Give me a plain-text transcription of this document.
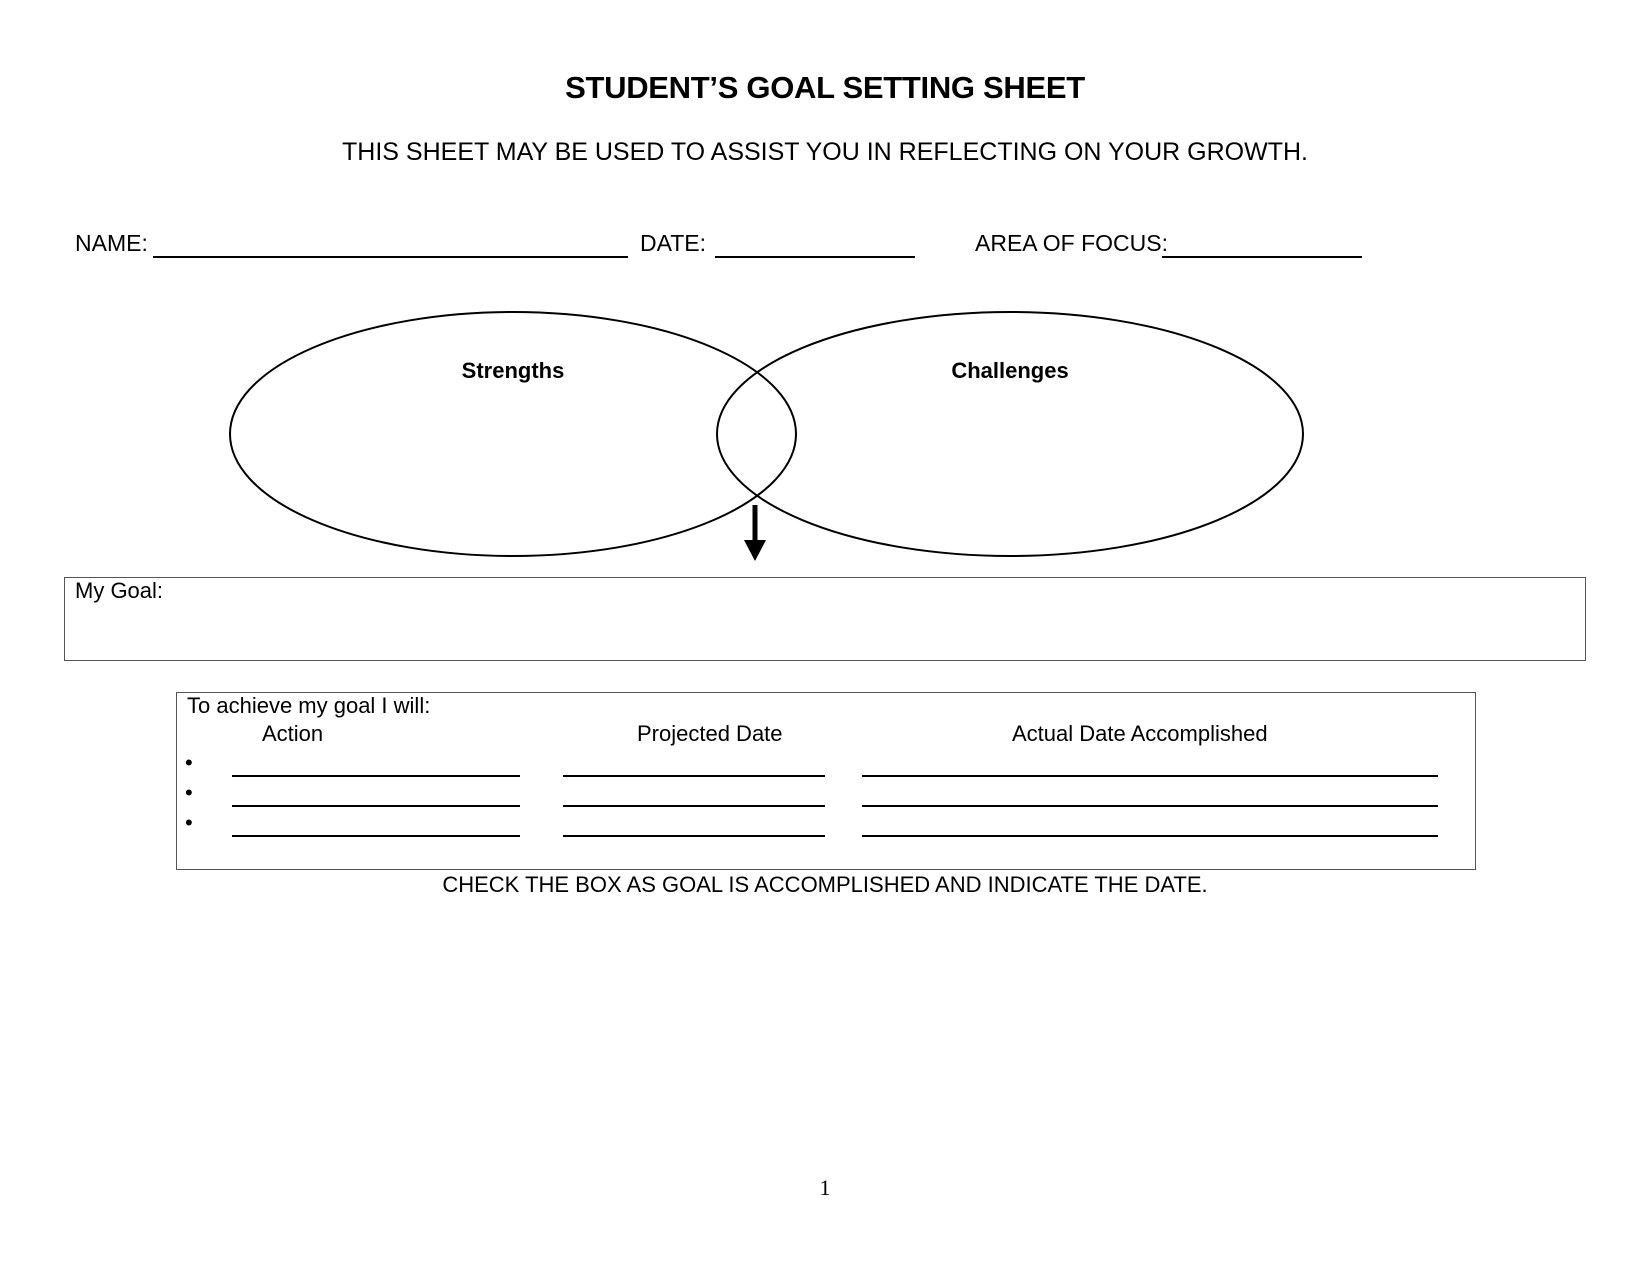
STUDENT’S GOAL SETTING SHEET
THIS SHEET MAY BE USED TO ASSIST YOU IN REFLECTING ON YOUR GROWTH.
NAME:	DATE:	AREA OF FOCUS:
Strengths	Challenges
My Goal:
To achieve my goal I will:
Action	Projected Date	Actual Date Accomplished
•
•
•
CHECK THE BOX AS GOAL IS ACCOMPLISHED AND INDICATE THE DATE.
1
